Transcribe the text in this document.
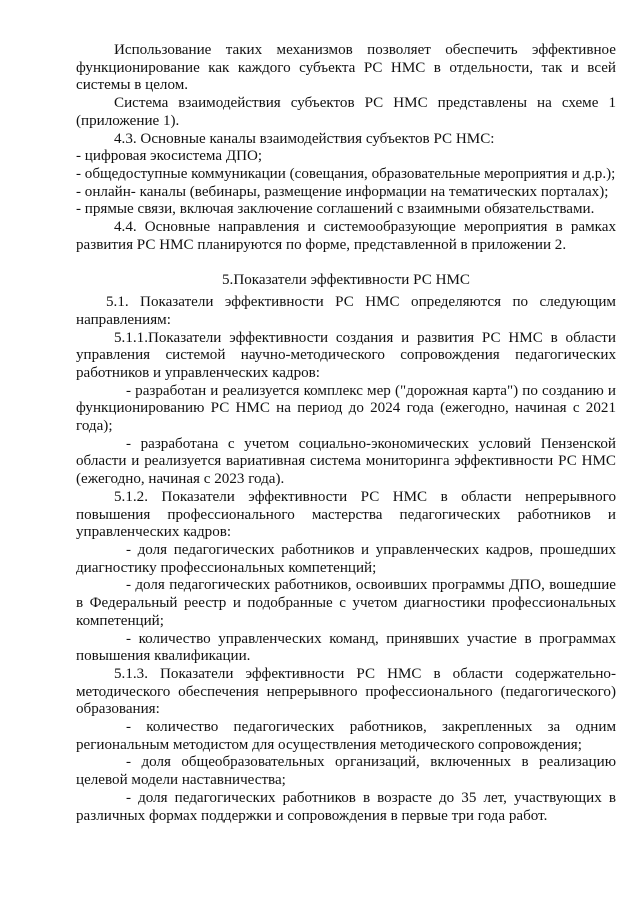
Использование таких механизмов позволяет обеспечить эффективное функционирование как каждого субъекта РС НМС в отдельности, так и всей системы в целом.

Система взаимодействия субъектов РС НМС представлены на схеме 1 (приложение 1).

4.3. Основные каналы взаимодействия субъектов РС НМС:

- цифровая экосистема ДПО;

- общедоступные коммуникации (совещания, образовательные мероприятия и д.р.);

- онлайн- каналы (вебинары, размещение информации на тематических порталах);

- прямые связи, включая заключение соглашений с взаимными обязательствами.

4.4. Основные направления и системообразующие мероприятия в рамках развития РС НМС планируются по форме, представленной в приложении 2.

5.Показатели эффективности РС НМС

5.1. Показатели эффективности РС НМС определяются по следующим направлениям:

5.1.1.Показатели эффективности создания и развития РС НМС в области управления системой научно-методического сопровождения педагогических работников и управленческих кадров:

- разработан и реализуется комплекс мер ("дорожная карта") по созданию и функционированию РС НМС на период до 2024 года (ежегодно, начиная с 2021 года);

- разработана с учетом социально-экономических условий Пензенской области и реализуется вариативная система мониторинга эффективности РС НМС (ежегодно, начиная с 2023 года).

5.1.2. Показатели эффективности РС НМС в области непрерывного повышения профессионального мастерства педагогических работников и управленческих кадров:

- доля педагогических работников и управленческих кадров, прошедших диагностику профессиональных компетенций;

- доля педагогических работников, освоивших программы ДПО, вошедшие в Федеральный реестр и подобранные с учетом диагностики профессиональных компетенций;

- количество управленческих команд, принявших участие в программах повышения квалификации.

5.1.3. Показатели эффективности РС НМС в области содержательно-методического обеспечения непрерывного профессионального (педагогического) образования:

- количество педагогических работников, закрепленных за одним региональным методистом для осуществления методического сопровождения;

- доля общеобразовательных организаций, включенных в реализацию целевой модели наставничества;

- доля педагогических работников в возрасте до 35 лет, участвующих в различных формах поддержки и сопровождения в первые три года работ.
